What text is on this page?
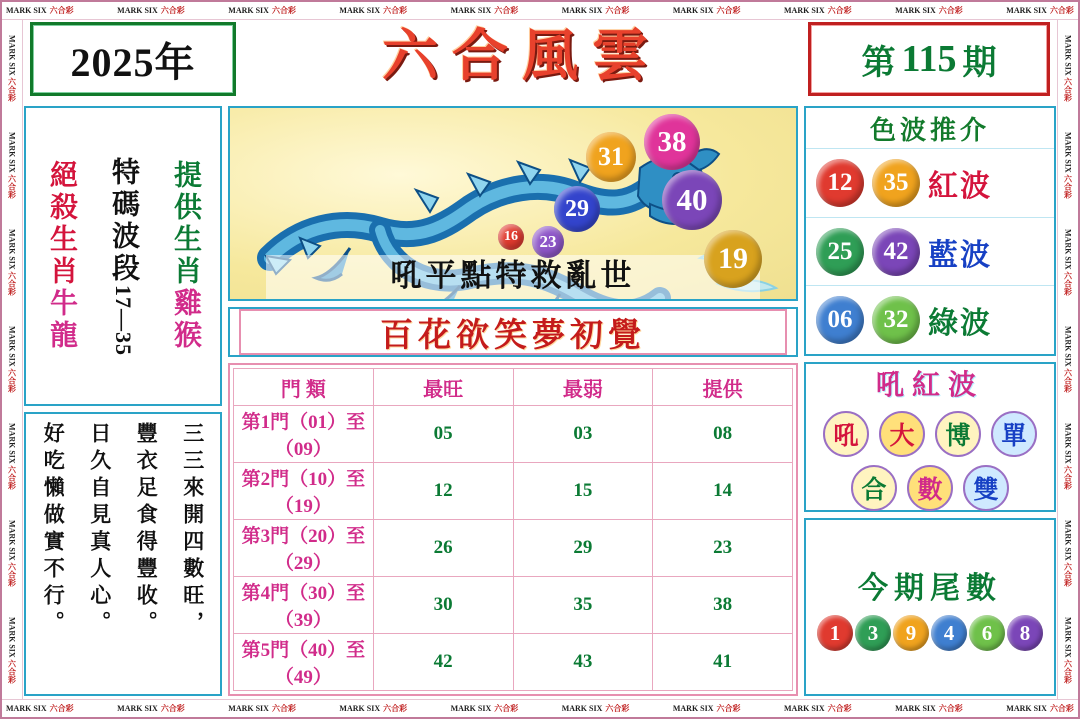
MARK SIX 六合彩	MARK SIX 六合彩	MARK SIX 六合彩	MARK SIX 六合彩	MARK SIX 六合彩	MARK SIX 六合彩	MARK SIX 六合彩	MARK SIX 六合彩	MARK SIX 六合彩	MARK SIX 六合彩
MARK SIX 六合彩	MARK SIX 六合彩	MARK SIX 六合彩	MARK SIX 六合彩	MARK SIX 六合彩	MARK SIX 六合彩	MARK SIX 六合彩	MARK SIX 六合彩	MARK SIX 六合彩	MARK SIX 六合彩
MARK SIX 六合彩
MARK SIX 六合彩
MARK SIX 六合彩
MARK SIX 六合彩
MARK SIX 六合彩
MARK SIX 六合彩
MARK SIX 六合彩
MARK SIX 六合彩
MARK SIX 六合彩
MARK SIX 六合彩
MARK SIX 六合彩
MARK SIX 六合彩
MARK SIX 六合彩
MARK SIX 六合彩
2025年	六合風雲	第 115 期
提供生肖雞猴
特碼波段17—35
絕殺生肖牛龍
三三來開四數旺，
豐衣足食得豐收。
日久自見真人心。
好吃懶做實不行。
吼平點特救亂世
16	23
29
31	38
40
19
百花欲笑夢初覺
門 類	最旺	最弱	提供
第1門（01）至（09）	05	03	08
第2門（10）至（19）	12	15	14
第3門（20）至（29）	26	29	23
第4門（30）至（39）	30	35	38
第5門（40）至（49）	42	43	41
色波推介
12	35 紅波
25	42 藍波
06	32 綠波
吼紅波
吼	大	博	單
合	數	雙
今期尾數
1	3	9	4	6	8
